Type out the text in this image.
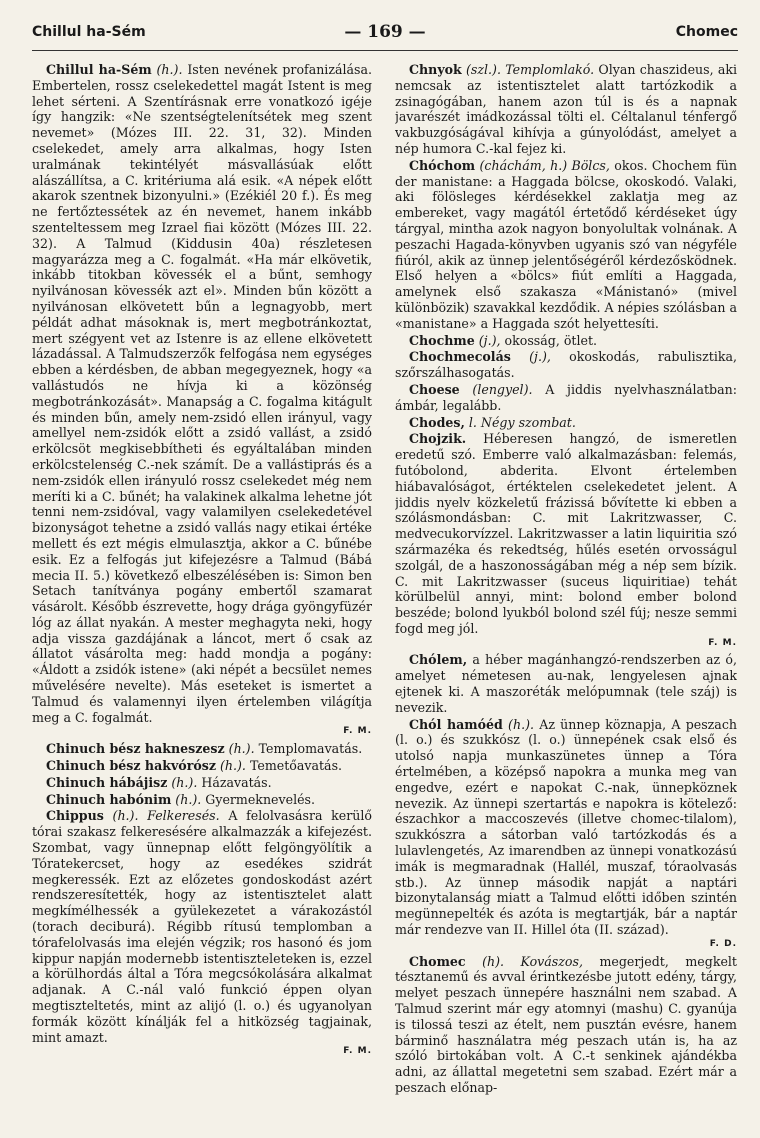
Chillul ha-Sém	— 169 —	Chomec

Chillul ha-Sém (h.). Isten nevének profanizálása. Embertelen, rossz cselekedettel magát Istent is meg lehet sérteni. A Szentírásnak erre vonatkozó igéje így hangzik: «Ne szentségtelenítsétek meg szent nevemet» (Mózes III. 22. 31, 32). Minden cselekedet, amely arra alkalmas, hogy Isten uralmának tekintélyét másvallásúak előtt alászállítsa, a C. kritériuma alá esik. «A népek előtt akarok szentnek bizonyulni.» (Ezékiél 20 f.). És meg ne fertőztessétek az én nevemet, hanem inkább szenteltessem meg Izrael fiai között (Mózes III. 22. 32). A Talmud (Kiddusin 40a) részletesen magyarázza meg a C. fogalmát. «Ha már elkövetik, inkább titokban kövessék el a bűnt, semhogy nyilvánosan kövessék azt el». Minden bűn között a nyilvánosan elkövetett bűn a legnagyobb, mert példát adhat másoknak is, mert megbotránkoztat, mert szégyent vet az Istenre is az ellene elkövetett lázadással. A Talmudszerzők felfogása nem egységes ebben a kérdésben, de abban megegyeznek, hogy «a vallástudós ne hívja ki a közönség megbotránkozását». Manapság a C. fogalma kitágult és minden bűn, amely nem-zsidó ellen irányul, vagy amellyel nem-zsidók előtt a zsidó vallást, a zsidó erkölcsöt megkisebbítheti és egyáltalában minden erkölcstelenség C.-nek számít. De a vallástiprás és a nem-zsidók ellen irányuló rossz cselekedet még nem meríti ki a C. bűnét; ha valakinek alkalma lehetne jót tenni nem-zsidóval, vagy valamilyen cselekedetével bizonyságot tehetne a zsidó vallás nagy etikai értéke mellett és ezt mégis elmulasztja, akkor a C. bűnébe esik. Ez a felfogás jut kifejezésre a Talmud (Bábá mecia II. 5.) következő elbeszélésében is: Simon ben Setach tanítványa pogány embertől szamarat vásárolt. Később észrevette, hogy drága gyöngyfüzér lóg az állat nyakán. A mester meghagyta neki, hogy adja vissza gazdájának a láncot, mert ő csak az állatot vásárolta meg: hadd mondja a pogány: «Áldott a zsidók istene» (aki népét a becsület nemes művelésére nevelte). Más eseteket is ismertet a Talmud és valamennyi ilyen értelemben világítja meg a C. fogalmát.

F. M.

Chinuch bész hakneszesz (h.). Templomavatás.

Chinuch bész hakvórósz (h.). Temetőavatás.

Chinuch hábájisz (h.). Házavatás.

Chinuch habónim (h.). Gyermeknevelés.

Chippus (h.). Felkeresés. A felolvasásra kerülő tórai szakasz felkeresésére alkalmazzák a kifejezést. Szombat, vagy ünnepnap előtt felgöngyölítik a Tóratekercset, hogy az esedékes szidrát megkeressék. Ezt az előzetes gondoskodást azért rendszeresítették, hogy az istentisztelet alatt megkímélhessék a gyülekezetet a várakozástól (torach deciburá). Régibb rítusú templomban a tórafelolvasás ima elején végzik; ros hasonó és jom kippur napján modernebb istentiszteleteken is, ezzel a körülhordás által a Tóra megcsókolására alkalmat adjanak. A C.-nál való funkció éppen olyan megtiszteltetés, mint az alijó (l. o.) és ugyanolyan formák között kínálják fel a hitközség tagjainak, mint amazt.

F. M.

Chnyok (szl.). Templomlakó. Olyan chaszideus, aki nemcsak az istentisztelet alatt tartózkodik a zsinagógában, hanem azon túl is és a napnak javarészét imádkozással tölti el. Céltalanul ténfergő vakbuzgóságával kihívja a gúnyolódást, amelyet a nép humora C.-kal fejez ki.

Chóchom (cháchám, h.) Bölcs, okos. Chochem fün der manistane: a Haggada bölcse, okoskodó. Valaki, aki fölösleges kérdésekkel zaklatja meg az embereket, vagy magától értetődő kérdéseket úgy tárgyal, mintha azok nagyon bonyolultak volnának. A peszachi Hagada-könyvben ugyanis szó van négyféle fiúról, akik az ünnep jelentőségéről kérdezősködnek. Első helyen a «bölcs» fiút említi a Haggada, amelynek első szakasza «Mánistanó» (mivel különbözik) szavakkal kezdődik. A népies szólásban a «manistane» a Haggada szót helyettesíti.

Chochme (j.), okosság, ötlet.

Chochmecolás (j.), okoskodás, rabulisztika, szőrszálhasogatás.

Choese (lengyel). A jiddis nyelvhasználatban: ámbár, legalább.

Chodes, l. Négy szombat.

Chojzik. Héberesen hangzó, de ismeretlen eredetű szó. Emberre való alkalmazásban: felemás, futóbolond, abderita. Elvont értelemben hiábavalóságot, értéktelen cselekedetet jelent. A jiddis nyelv közkeletű frázissá bővítette ki ebben a szólásmondásban: C. mit Lakritzwasser, C. medvecukorvízzel. Lakritzwasser a latin liquiritia szó származéka és rekedtség, hűlés esetén orvosságul szolgál, de a haszonosságában még a nép sem bízik. C. mit Lakritzwasser (suceus liquiritiae) tehát körülbelül annyi, mint: bolond ember bolond beszéde; bolond lyukból bolond szél fúj; nesze semmi fogd meg jól.

F. M.

Chólem, a héber magánhangzó-rendszerben az ó, amelyet németesen au-nak, lengyelesen ajnak ejtenek ki. A maszoréták melópumnak (tele száj) is nevezik.

Chól hamóéd (h.). Az ünnep köznapja, A peszach (l. o.) és szukkósz (l. o.) ünnepének csak első és utolsó napja munkaszünetes ünnep a Tóra értelmében, a középső napokra a munka meg van engedve, ezért e napokat C.-nak, ünnepköznek nevezik. Az ünnepi szertartás e napokra is kötelező: észachkor a maccoszevés (illetve chomec-tilalom), szukkószra a sátorban való tartózkodás és a lulavlengetés, Az imarendben az ünnepi vonatkozású imák is megmaradnak (Hallél, muszaf, tóraolvasás stb.). Az ünnep második napját a naptári bizonytalanság miatt a Talmud előtti időben szintén megünnepelték és azóta is megtartják, bár a naptár már rendezve van II. Hillel óta (II. század).

F. D.

Chomec (h). Kovászos, megerjedt, megkelt tésztanemű és avval érintkezésbe jutott edény, tárgy, melyet peszach ünnepére használni nem szabad. A Talmud szerint már egy atomnyi (mashu) C. gyanúja is tilossá teszi az ételt, nem pusztán evésre, hanem bárminő használatra még peszach után is, ha az szóló birtokában volt. A C.-t senkinek ajándékba adni, az állattal megetetni sem szabad. Ezért már a peszach előnap-
